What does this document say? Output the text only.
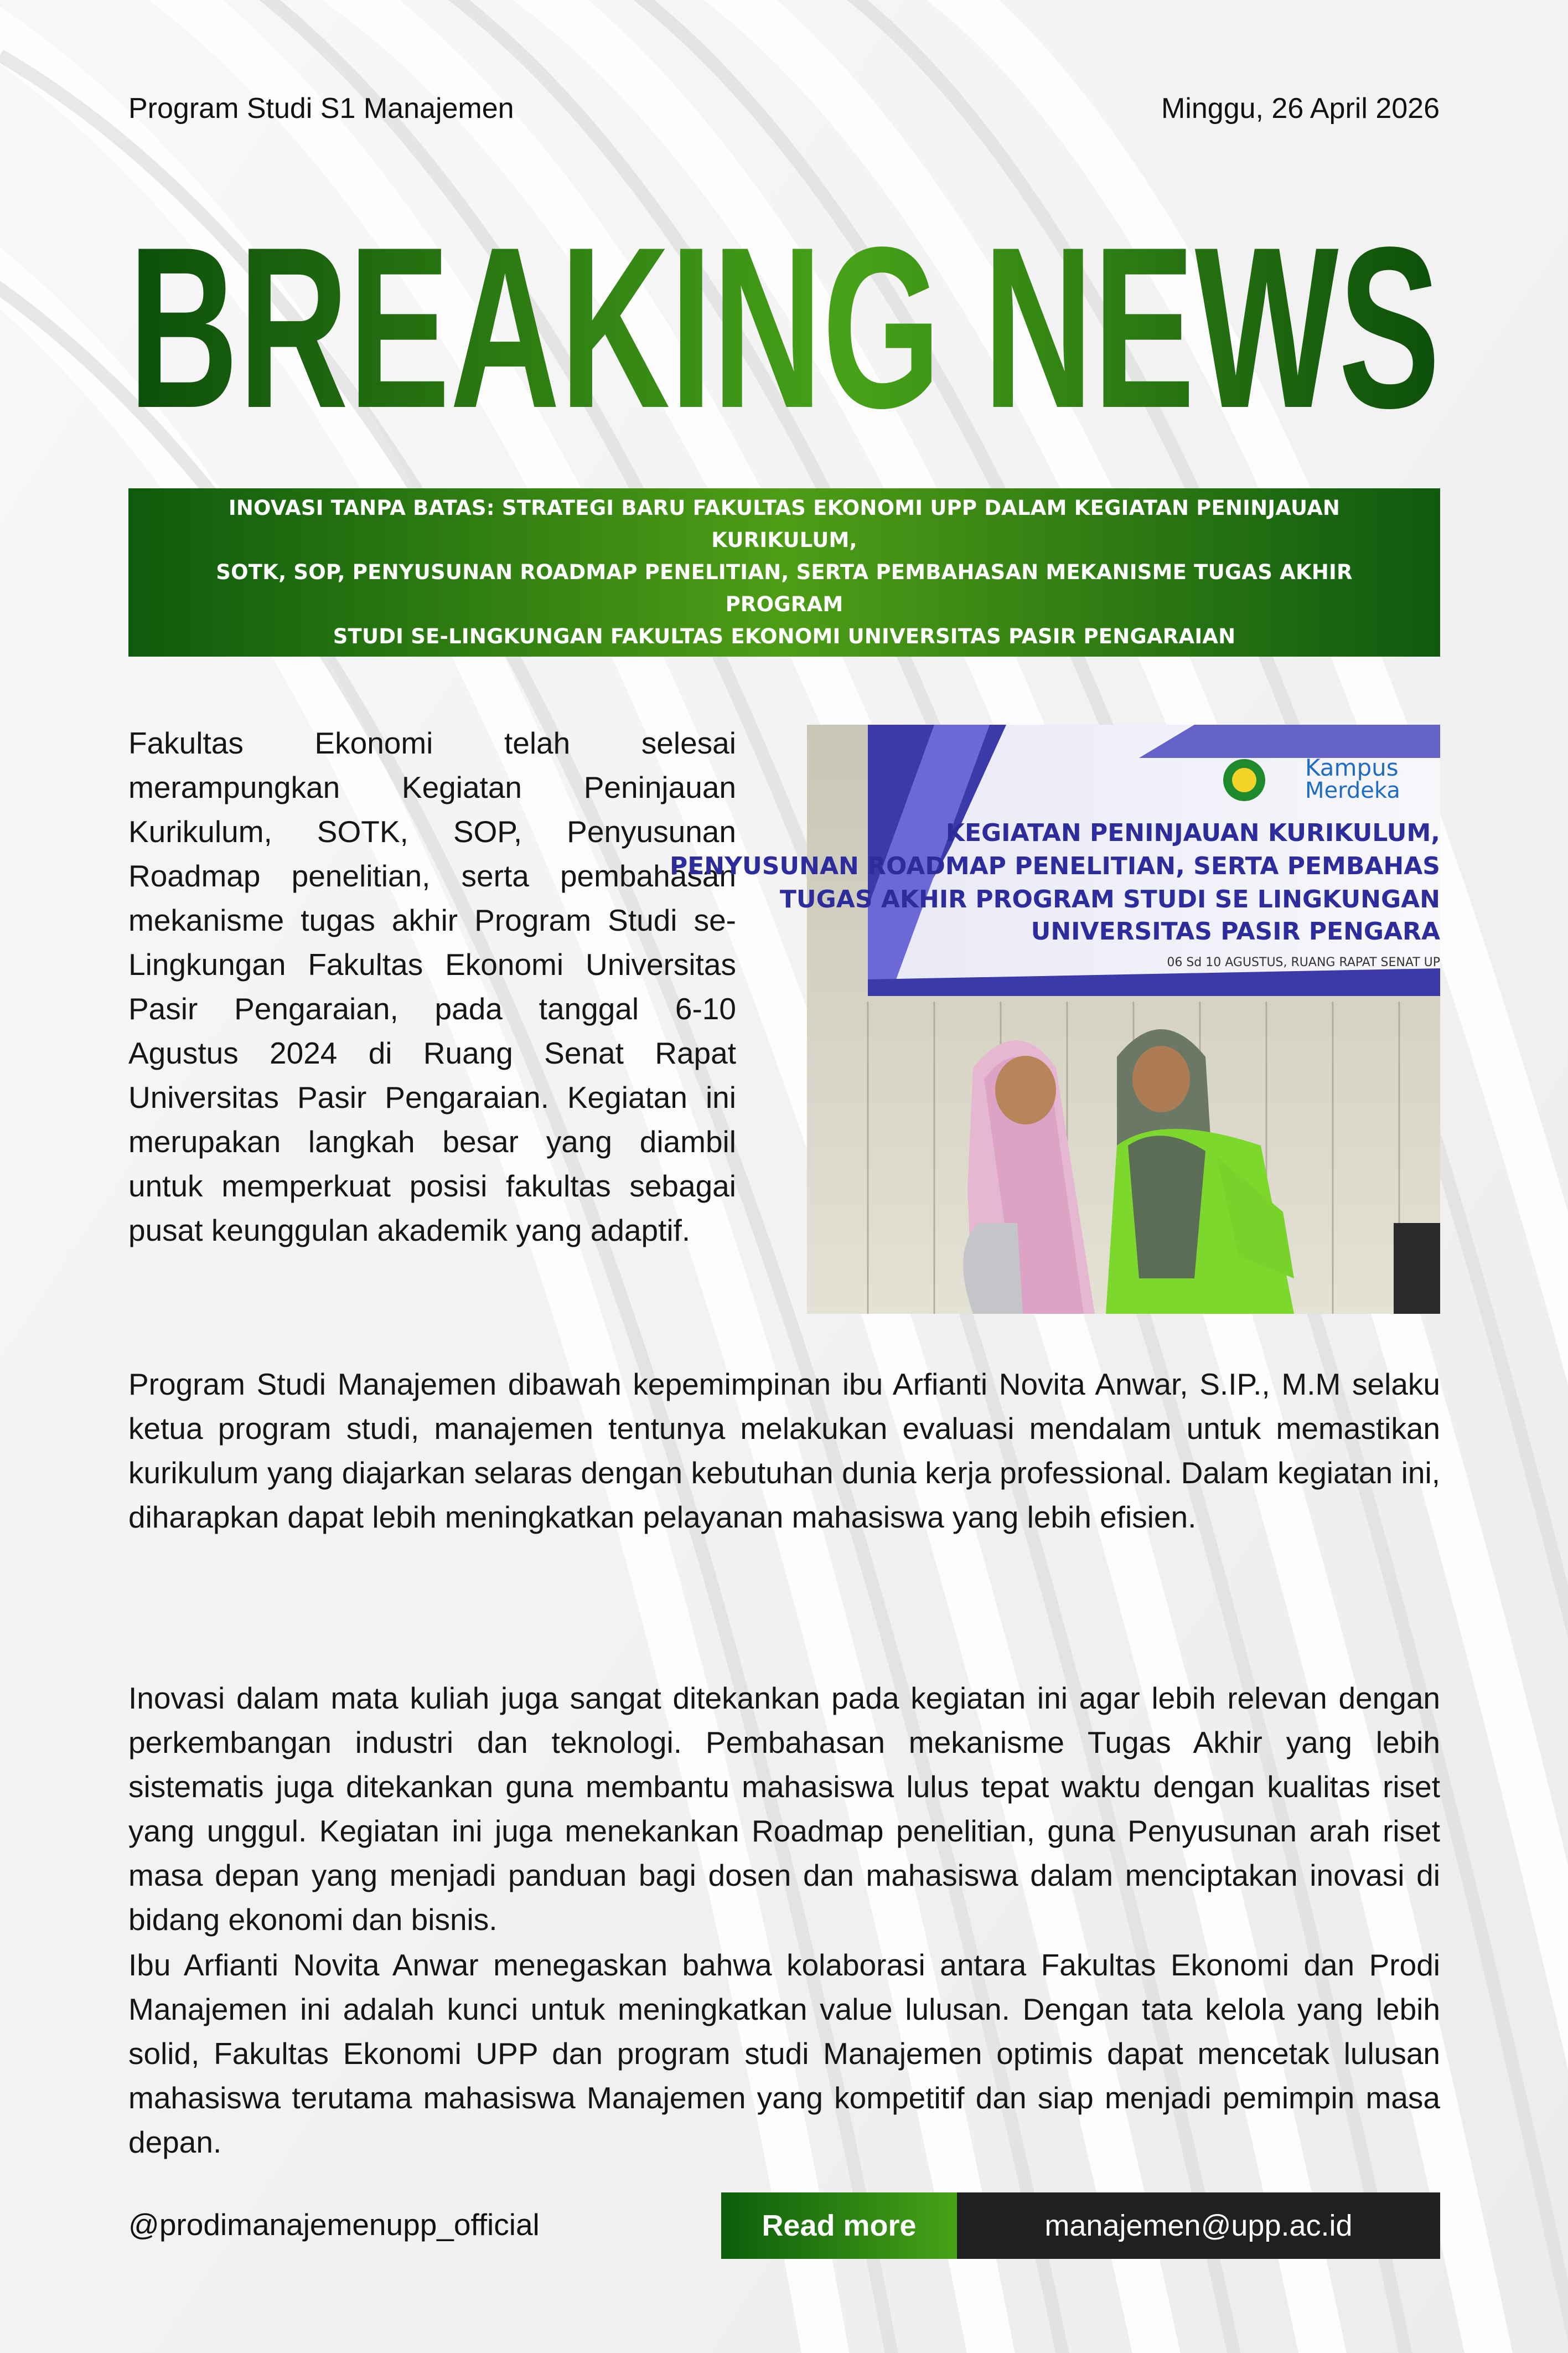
Program Studi S1 Manajemen	Minggu, 26 April 2026
BREAKING NEWS
INOVASI TANPA BATAS: STRATEGI BARU FAKULTAS EKONOMI UPP DALAM KEGIATAN PENINJAUAN KURIKULUM,
SOTK, SOP, PENYUSUNAN ROADMAP PENELITIAN, SERTA PEMBAHASAN MEKANISME TUGAS AKHIR PROGRAM
STUDI SE-LINGKUNGAN FAKULTAS EKONOMI UNIVERSITAS PASIR PENGARAIAN
Fakultas Ekonomi telah selesai merampungkan Kegiatan Peninjauan Kurikulum, SOTK, SOP, Penyusunan Roadmap penelitian, serta pembahasan mekanisme tugas akhir Program Studi se-Lingkungan Fakultas Ekonomi Universitas Pasir Pengaraian, pada tanggal 6-10 Agustus 2024 di Ruang Senat Rapat Universitas Pasir Pengaraian. Kegiatan ini merupakan langkah besar yang diambil untuk memperkuat posisi fakultas sebagai pusat keunggulan akademik yang adaptif.
Kampus
Merdeka
KEGIATAN PENINJAUAN KURIKULUM,
PENYUSUNAN ROADMAP PENELITIAN, SERTA PEMBAHAS
TUGAS AKHIR PROGRAM STUDI SE LINGKUNGAN
UNIVERSITAS PASIR PENGARA
06 Sd 10 AGUSTUS, RUANG RAPAT SENAT UP
Program Studi Manajemen dibawah kepemimpinan ibu Arfianti Novita Anwar, S.IP., M.M selaku ketua program studi, manajemen tentunya melakukan evaluasi mendalam untuk memastikan kurikulum yang diajarkan selaras dengan kebutuhan dunia kerja professional. Dalam kegiatan ini, diharapkan dapat lebih meningkatkan pelayanan mahasiswa yang lebih efisien.
Inovasi dalam mata kuliah juga sangat ditekankan pada kegiatan ini agar lebih relevan dengan perkembangan industri dan teknologi. Pembahasan mekanisme Tugas Akhir yang lebih sistematis juga ditekankan guna membantu mahasiswa lulus tepat waktu dengan kualitas riset yang unggul. Kegiatan ini juga menekankan Roadmap penelitian, guna Penyusunan arah riset masa depan yang menjadi panduan bagi dosen dan mahasiswa dalam menciptakan inovasi di bidang ekonomi dan bisnis.
Ibu Arfianti Novita Anwar menegaskan bahwa kolaborasi antara Fakultas Ekonomi dan Prodi Manajemen ini adalah kunci untuk meningkatkan value lulusan. Dengan tata kelola yang lebih solid, Fakultas Ekonomi UPP dan program studi Manajemen optimis dapat mencetak lulusan mahasiswa terutama mahasiswa Manajemen yang kompetitif dan siap menjadi pemimpin masa depan.
@prodimanajemenupp_official	Read more	manajemen@upp.ac.id
